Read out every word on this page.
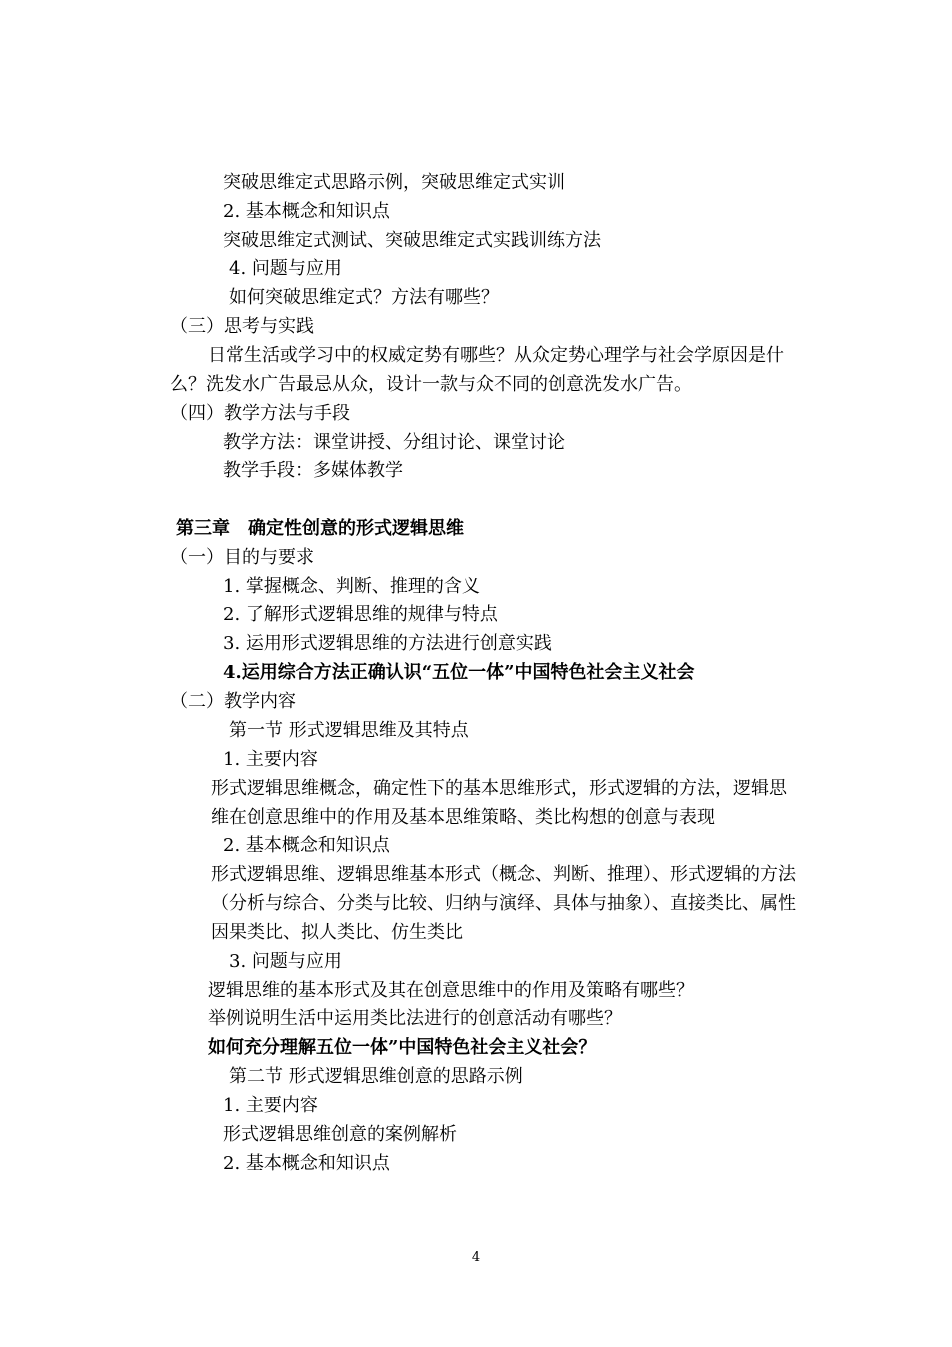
突破思维定式思路示例，突破思维定式实训
2. 基本概念和知识点
突破思维定式测试、突破思维定式实践训练方法
4. 问题与应用
如何突破思维定式？方法有哪些？
（三）思考与实践
日常生活或学习中的权威定势有哪些？从众定势心理学与社会学原因是什
么？洗发水广告最忌从众，设计一款与众不同的创意洗发水广告。
（四）教学方法与手段
教学方法：课堂讲授、分组讨论、课堂讨论
教学手段：多媒体教学
第三章　确定性创意的形式逻辑思维
（一）目的与要求
1. 掌握概念、判断、推理的含义
2. 了解形式逻辑思维的规律与特点
3. 运用形式逻辑思维的方法进行创意实践
4.运用综合方法正确认识“五位一体”中国特色社会主义社会
（二）教学内容
第一节 形式逻辑思维及其特点
1. 主要内容
形式逻辑思维概念，确定性下的基本思维形式，形式逻辑的方法，逻辑思
维在创意思维中的作用及基本思维策略、类比构想的创意与表现
2. 基本概念和知识点
形式逻辑思维、逻辑思维基本形式（概念、判断、推理）、形式逻辑的方法
（分析与综合、分类与比较、归纳与演绎、具体与抽象）、直接类比、属性
因果类比、拟人类比、仿生类比
3. 问题与应用
逻辑思维的基本形式及其在创意思维中的作用及策略有哪些？
举例说明生活中运用类比法进行的创意活动有哪些？
如何充分理解五位一体”中国特色社会主义社会？
第二节 形式逻辑思维创意的思路示例
1. 主要内容
形式逻辑思维创意的案例解析
2. 基本概念和知识点
4
